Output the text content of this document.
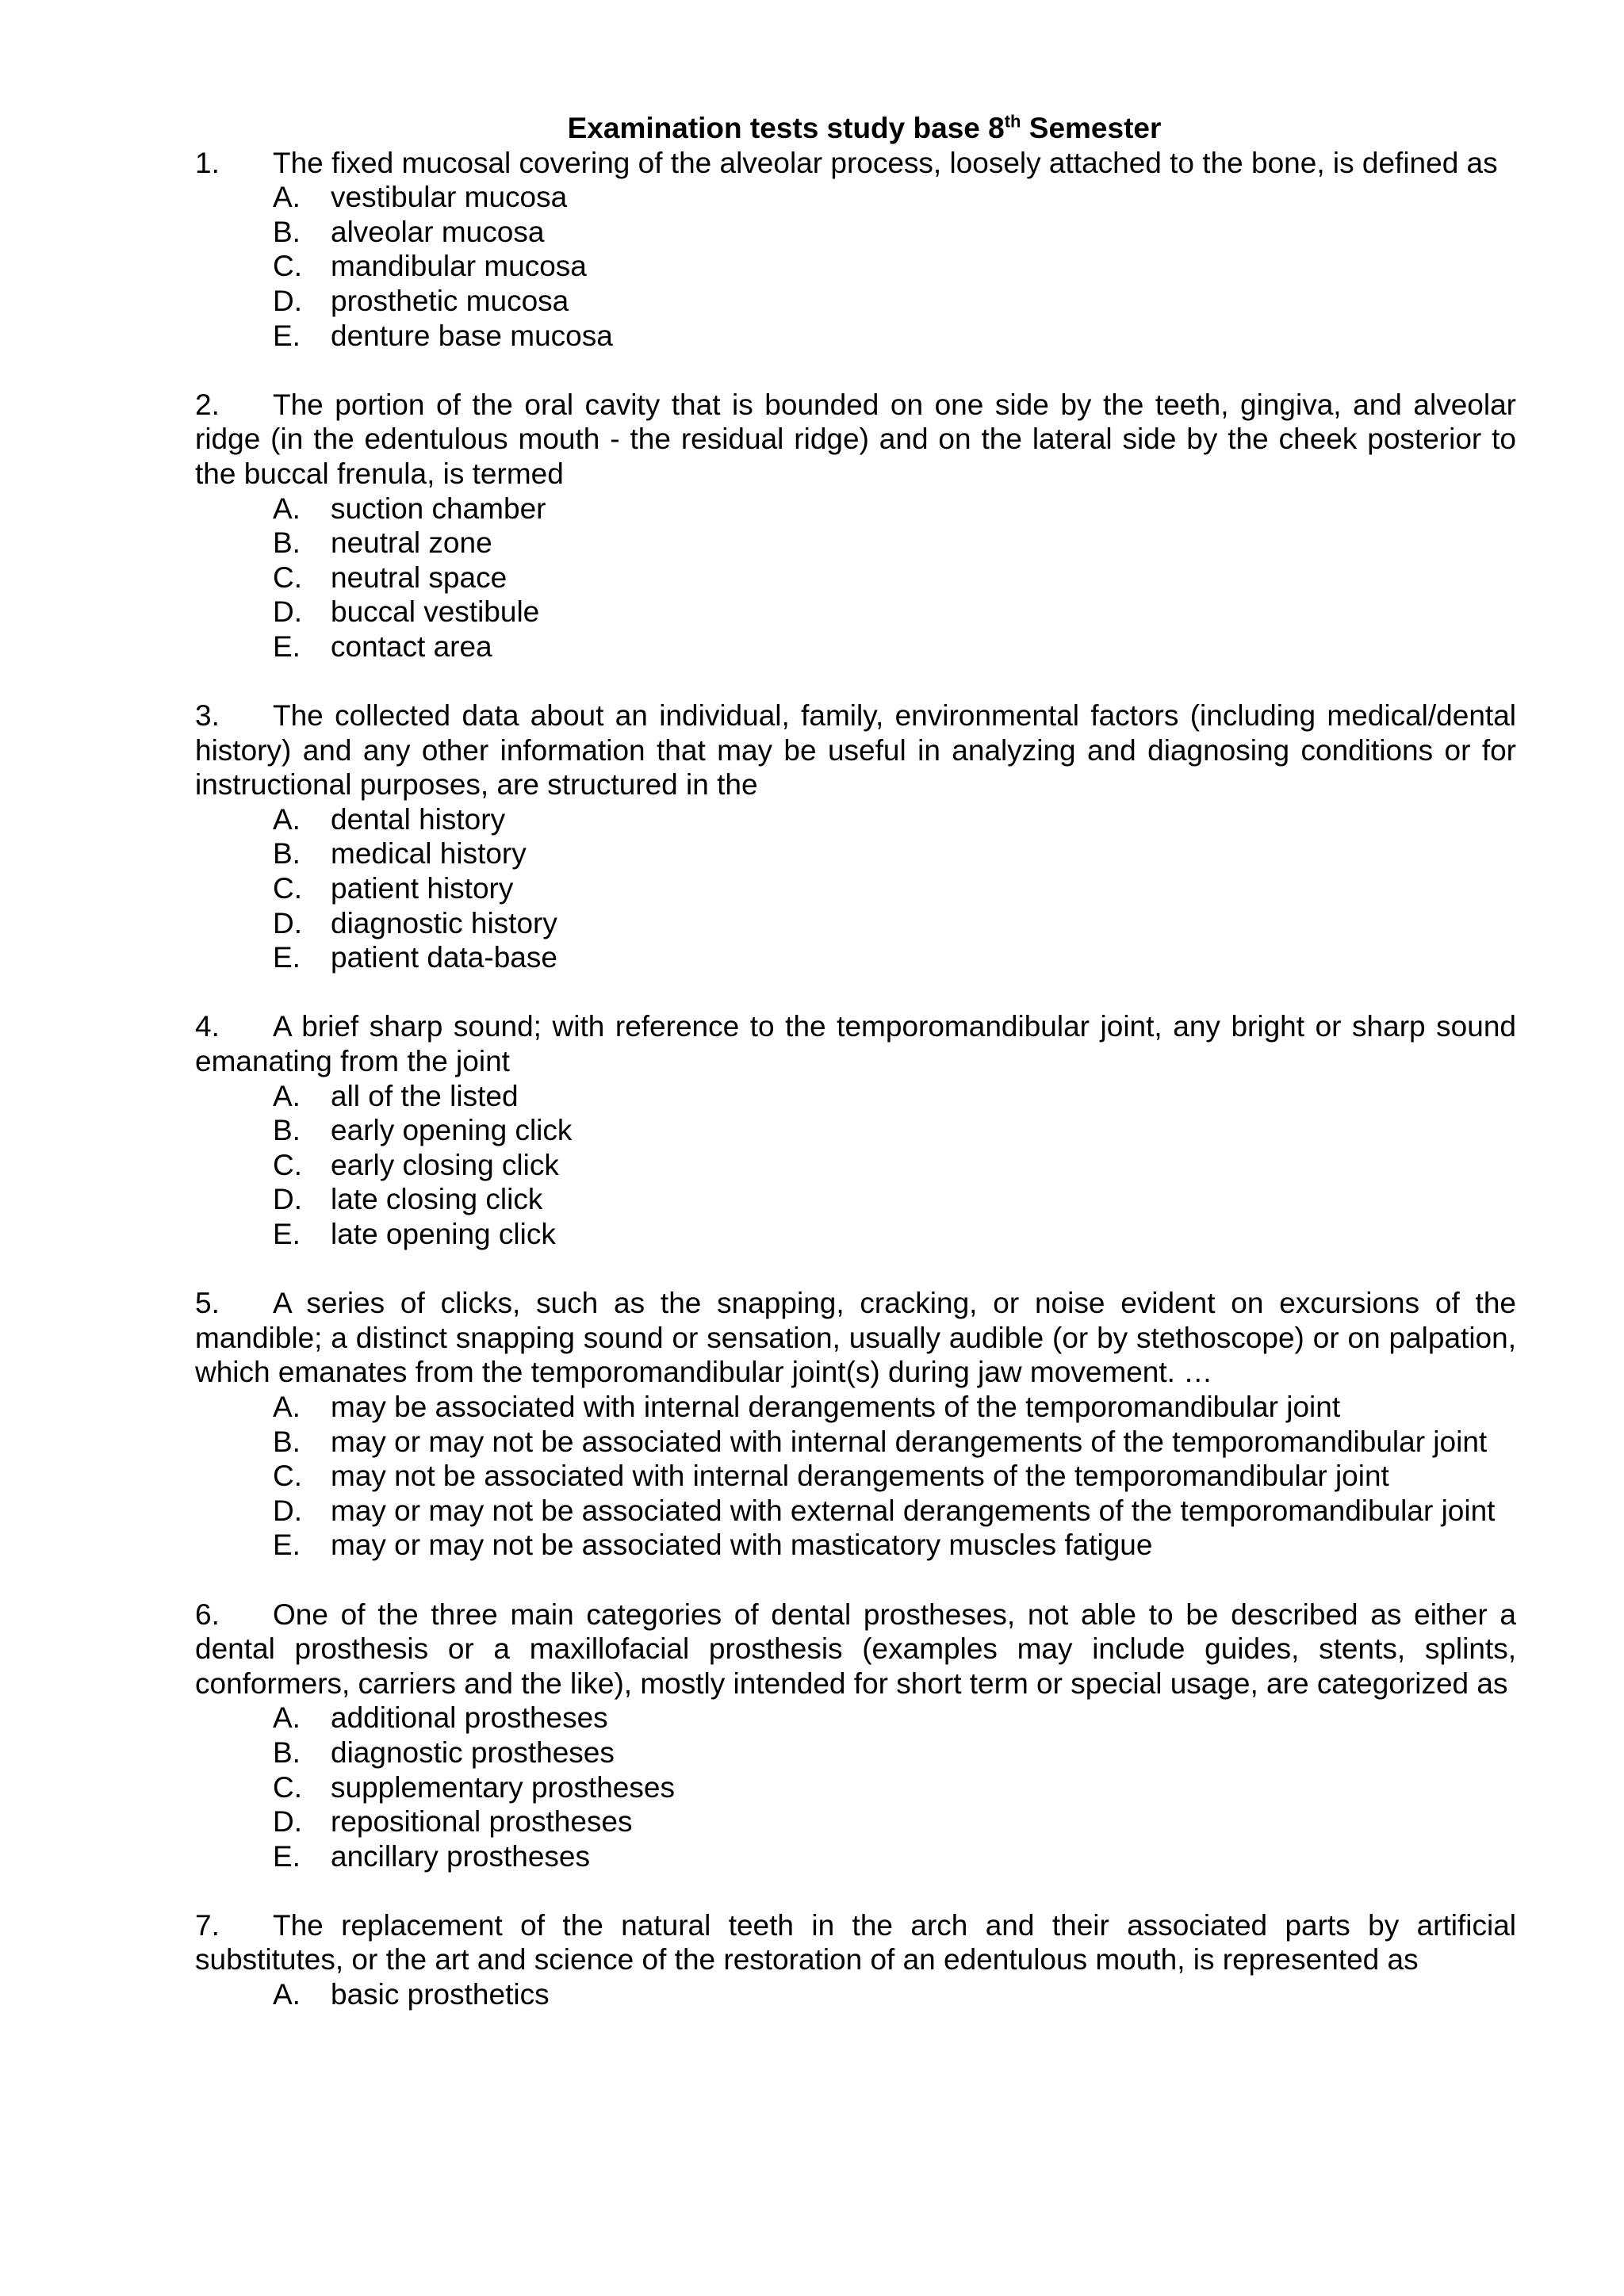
Examination tests study base 8th Semester
1. The fixed mucosal covering of the alveolar process, loosely attached to the bone, is defined as
A.	vestibular mucosa
B.	alveolar mucosa
C. mandibular mucosa
D. prosthetic mucosa
E.	denture base mucosa
2. The portion of the oral cavity that is bounded on one side by the teeth, gingiva, and alveolar ridge (in the edentulous mouth - the residual ridge) and on the lateral side by the cheek posterior to the buccal frenula, is termed
A.	suction chamber
B.	neutral zone
C. neutral space
D. buccal vestibule
E.	contact area
3. The collected data about an individual, family, environmental factors (including medical/dental history) and any other information that may be useful in analyzing and diagnosing conditions or for instructional purposes, are structured in the
A.	dental history
B.	medical history
C. patient history
D. diagnostic history
E.	patient data-base
4. A brief sharp sound; with reference to the temporomandibular joint, any bright or sharp sound emanating from the joint
A.	all of the listed
B.	early opening click
C. early closing click
D. late closing click
E.	late opening click
5. A series of clicks, such as the snapping, cracking, or noise evident on excursions of the mandible; a distinct snapping sound or sensation, usually audible (or by stethoscope) or on palpation, which emanates from the temporomandibular joint(s) during jaw movement. …
A.	may be associated with internal derangements of the temporomandibular joint
B.	may or may not be associated with internal derangements of the temporomandibular joint
C. may not be associated with internal derangements of the temporomandibular joint
D. may or may not be associated with external derangements of the temporomandibular joint
E.	may or may not be associated with masticatory muscles fatigue
6. One of the three main categories of dental prostheses, not able to be described as either a dental prosthesis or a maxillofacial prosthesis (examples may include guides, stents, splints, conformers, carriers and the like), mostly intended for short term or special usage, are categorized as
A.	additional prostheses
B.	diagnostic prostheses
C. supplementary prostheses
D. repositional prostheses
E.	ancillary prostheses
7. The replacement of the natural teeth in the arch and their associated parts by artificial substitutes, or the art and science of the restoration of an edentulous mouth, is represented as
A.	basic prosthetics
